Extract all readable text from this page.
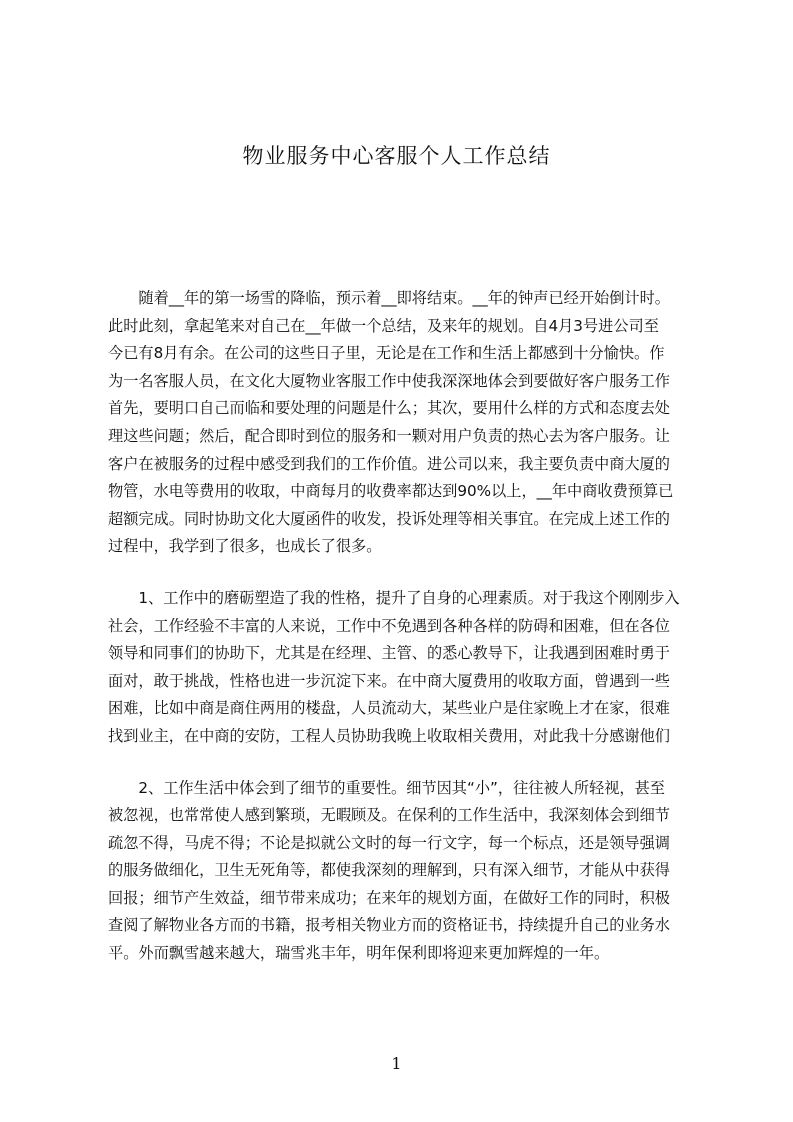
物业服务中心客服个人工作总结
随着__年的第一场雪的降临，预示着__即将结束。__年的钟声已经开始倒计时。
此时此刻，拿起笔来对自己在__年做一个总结，及来年的规划。自4月3号进公司至
今已有8月有余。在公司的这些日子里，无论是在工作和生活上都感到十分愉快。作
为一名客服人员，在文化大厦物业客服工作中使我深深地体会到要做好客户服务工作
首先，要明口自己而临和要处理的问题是什么；其次，要用什么样的方式和态度去处
理这些问题；然后，配合即时到位的服务和一颗对用户负责的热心去为客户服务。让
客户在被服务的过程中感受到我们的工作价值。进公司以来，我主要负责中商大厦的
物管，水电等费用的收取，中商每月的收费率都达到90%以上，__年中商收费预算已
超额完成。同时协助文化大厦函件的收发，投诉处理等相关事宜。在完成上述工作的
过程中，我学到了很多，也成长了很多。
1、工作中的磨砺塑造了我的性格，提升了自身的心理素质。对于我这个刚刚步入
社会，工作经验不丰富的人来说，工作中不免遇到各种各样的防碍和困难，但在各位
领导和同事们的协助下，尤其是在经理、主管、的悉心教导下，让我遇到困难时勇于
面对，敢于挑战，性格也进一步沉淀下来。在中商大厦费用的收取方面，曾遇到一些
困难，比如中商是商住两用的楼盘，人员流动大，某些业户是住家晚上才在家，很难
找到业主，在中商的安防，工程人员协助我晚上收取相关费用，对此我十分感谢他们
2、工作生活中体会到了细节的重要性。细节因其“小”，往往被人所轻视，甚至
被忽视，也常常使人感到繁琐，无暇顾及。在保利的工作生活中，我深刻体会到细节
疏忽不得，马虎不得；不论是拟就公文时的每一行文字，每一个标点，还是领导强调
的服务做细化，卫生无死角等，都使我深刻的理解到，只有深入细节，才能从中获得
回报；细节产生效益，细节带来成功；在来年的规划方面，在做好工作的同时，积极
查阅了解物业各方而的书籍，报考相关物业方而的资格证书，持续提升自己的业务水
平。外而飘雪越来越大，瑞雪兆丰年，明年保利即将迎来更加辉煌的一年。
1
